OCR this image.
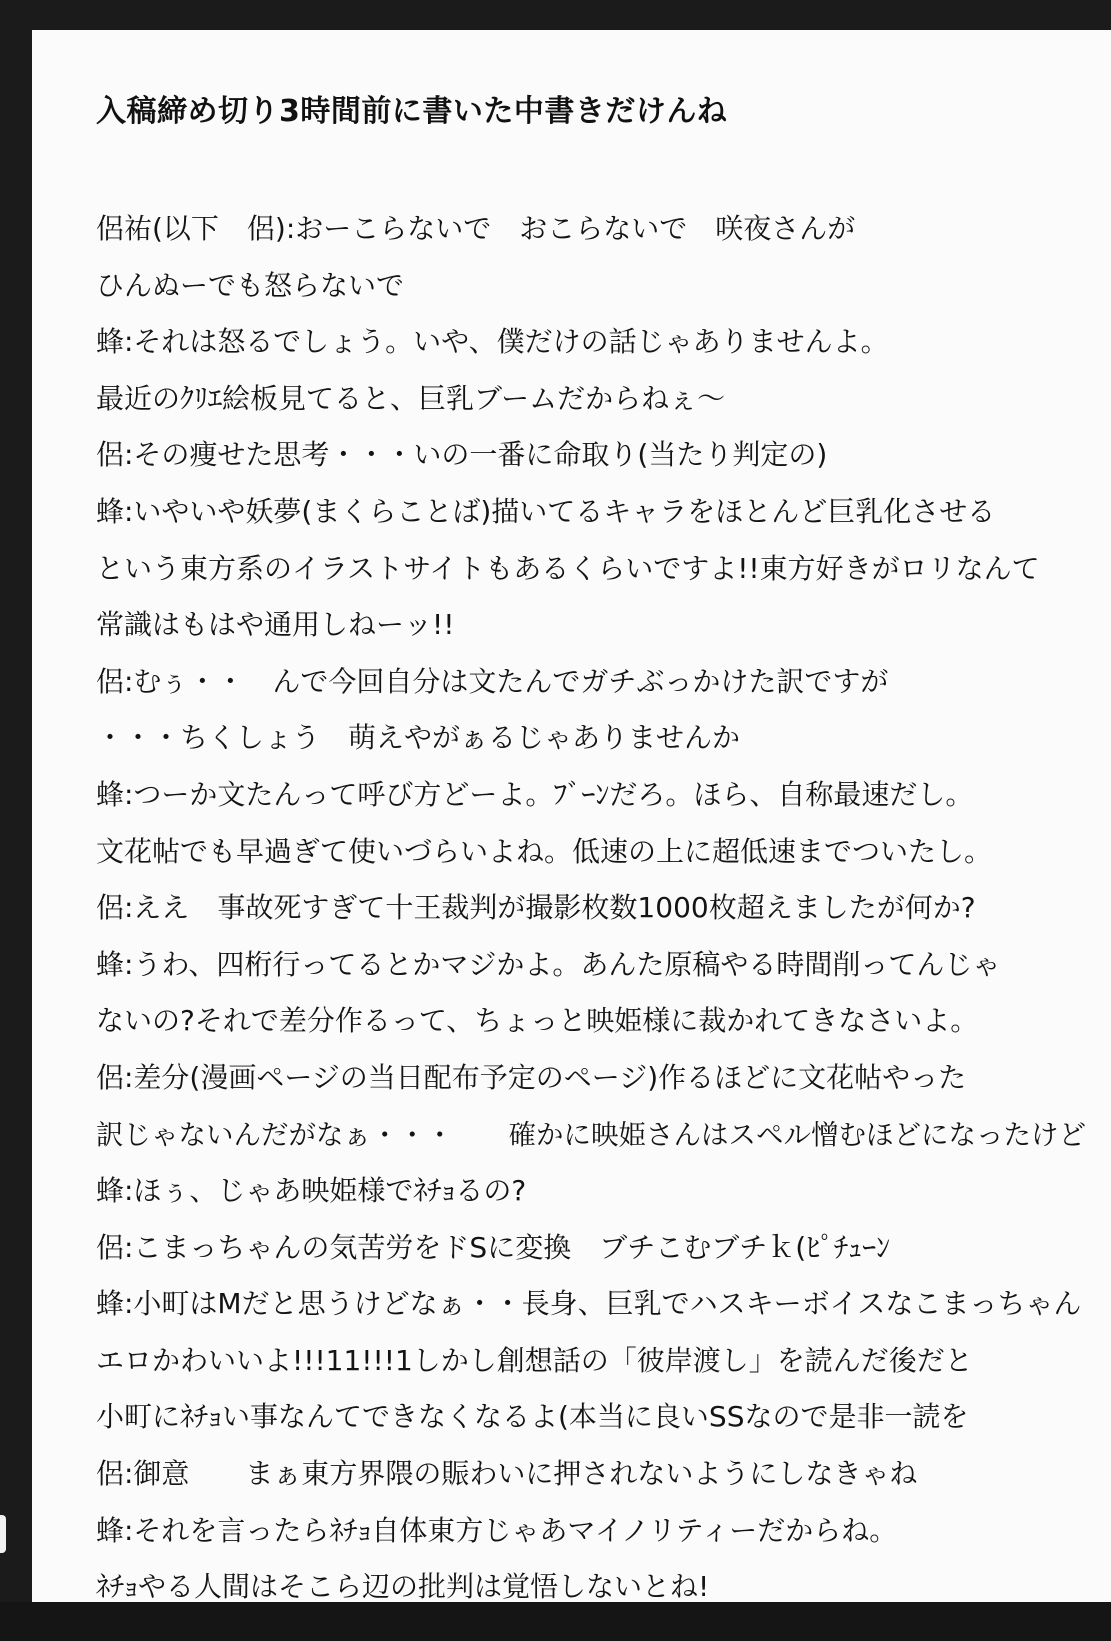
入稿締め切り3時間前に書いた中書きだけんね
侶祐(以下　侶):おーこらないで　おこらないで　咲夜さんが
ひんぬーでも怒らないで
蜂:それは怒るでしょう。いや、僕だけの話じゃありませんよ。
最近のｸﾘｴ絵板見てると、巨乳ブームだからねぇ～
侶:その痩せた思考・・・いの一番に命取り(当たり判定の)
蜂:いやいや妖夢(まくらことば)描いてるキャラをほとんど巨乳化させる
という東方系のイラストサイトもあるくらいですよ!!東方好きがロリなんて
常識はもはや通用しねーッ!!
侶:むぅ・・　んで今回自分は文たんでガチぶっかけた訳ですが
・・・ちくしょう　萌えやがぁるじゃありませんか
蜂:つーか文たんって呼び方どーよ。ﾌﾞｰﾝだろ。ほら、自称最速だし。
文花帖でも早過ぎて使いづらいよね。低速の上に超低速までついたし。
侶:ええ　事故死すぎて十王裁判が撮影枚数1000枚超えましたが何か?
蜂:うわ、四桁行ってるとかマジかよ。あんた原稿やる時間削ってんじゃ
ないの?それで差分作るって、ちょっと映姫様に裁かれてきなさいよ。
侶:差分(漫画ページの当日配布予定のページ)作るほどに文花帖やった
訳じゃないんだがなぁ・・・　　確かに映姫さんはスペル憎むほどになったけど
蜂:ほぅ、じゃあ映姫様でﾈﾁｮるの?
侶:こまっちゃんの気苦労をドSに変換　ブチこむブチｋ(ﾋﾟﾁｭｰﾝ
蜂:小町はMだと思うけどなぁ・・長身、巨乳でハスキーボイスなこまっちゃん
エロかわいいよ!!!11!!!1しかし創想話の「彼岸渡し」を読んだ後だと
小町にﾈﾁｮい事なんてできなくなるよ(本当に良いSSなので是非一読を
侶:御意　　まぁ東方界隈の賑わいに押されないようにしなきゃね
蜂:それを言ったらﾈﾁｮ自体東方じゃあマイノリティーだからね。
ﾈﾁｮやる人間はそこら辺の批判は覚悟しないとね!
